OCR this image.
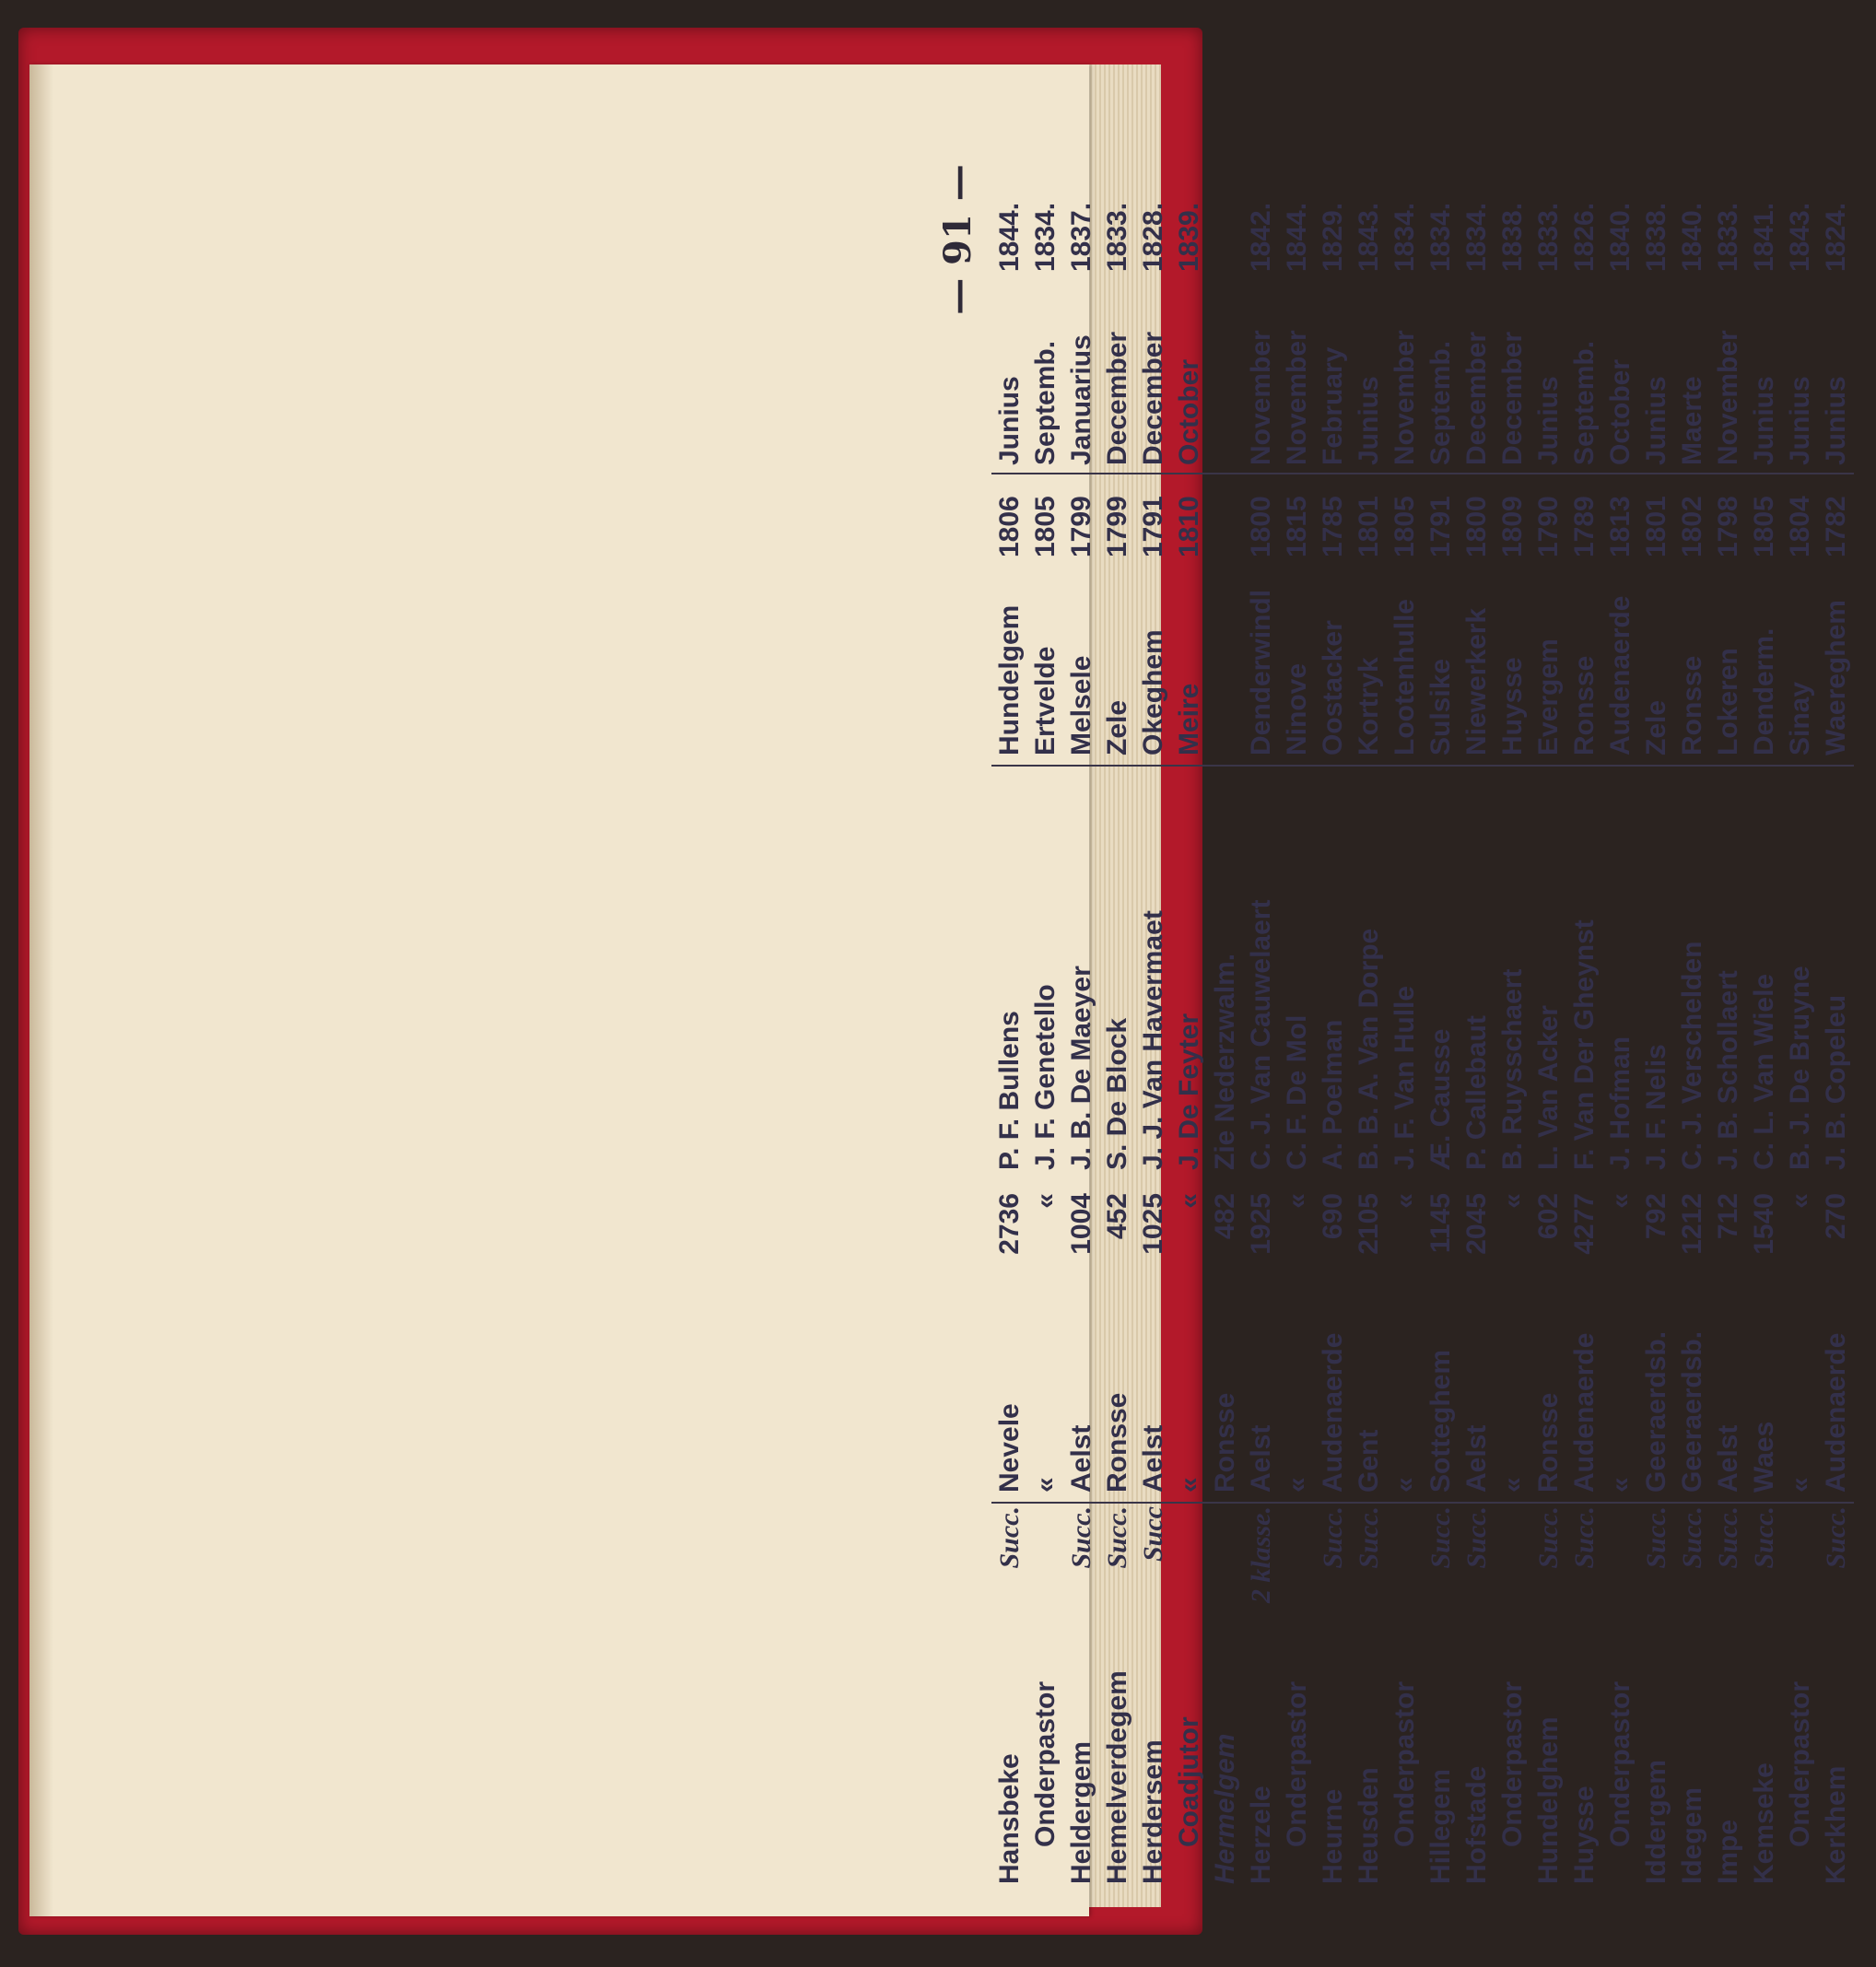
— 91 —
Hansbeke
Succ.
Nevele
2736
P. F. Bullens
Hundelgem
1806
Junius
1844.
Onderpastor
«
«
J. F. Genetello
Ertvelde
1805
Septemb.
1834.
Heldergem
Succ.
Aelst
1004
J. B. De Maeyer
Melsele
1799
Januarius
1837.
Hemelverdegem
Succ.
Ronsse
452
S. De Block
Zele
1799
December
1833.
Herdersem
Succ
Aelst
1025
J. J. Van Havermaet
Okeghem
1791
December
1828.
Coadjutor
«
«
J. De Feyter
Meire
1810
October
1839.
Hermelgem
Ronsse
482
Zie Nederzwalm.
Herzele
2 klasse.
Aelst
1925
C. J. Van Cauwelaert
Denderwindl
1800
November
1842.
Onderpastor
«
«
C. F. De Mol
Ninove
1815
November
1844.
Heurne
Succ.
Audenaerde
690
A. Poelman
Oostacker
1785
February
1829.
Heusden
Succ.
Gent
2105
B. B. A. Van Dorpe
Kortryk
1801
Junius
1843.
Onderpastor
«
«
J. F. Van Hulle
Lootenhulle
1805
November
1834.
Hillegem
Succ.
Sotteghem
1145
Æ. Causse
Sulsike
1791
Septemb.
1834.
Hofstade
Succ.
Aelst
2045
P. Callebaut
Niewerkerk
1800
December
1834.
Onderpastor
«
«
B. Ruysschaert
Huysse
1809
December
1838.
Hundelghem
Succ.
Ronsse
602
L. Van Acker
Evergem
1790
Junius
1833.
Huysse
Succ.
Audenaerde
4277
F. Van Der Gheynst
Ronsse
1789
Septemb.
1826.
Onderpastor
«
«
J. Hofman
Audenaerde
1813
October
1840.
Iddergem
Succ.
Geeraerdsb.
792
J. F. Nelis
Zele
1801
Junius
1838.
Idegem
Succ.
Geeraerdsb.
1212
C. J. Verschelden
Ronsse
1802
Maerte
1840.
Impe
Succ.
Aelst
712
J. B. Schollaert
Lokeren
1798
November
1833.
Kemseke
Succ.
Waes
1540
C. L. Van Wiele
Denderm.
1805
Junius
1841.
Onderpastor
«
«
B. J. De Bruyne
Sinay
1804
Junius
1843.
Kerkhem
Succ.
Audenaerde
270
J. B. Copeleu
Waereghem
1782
Junius
1824.
